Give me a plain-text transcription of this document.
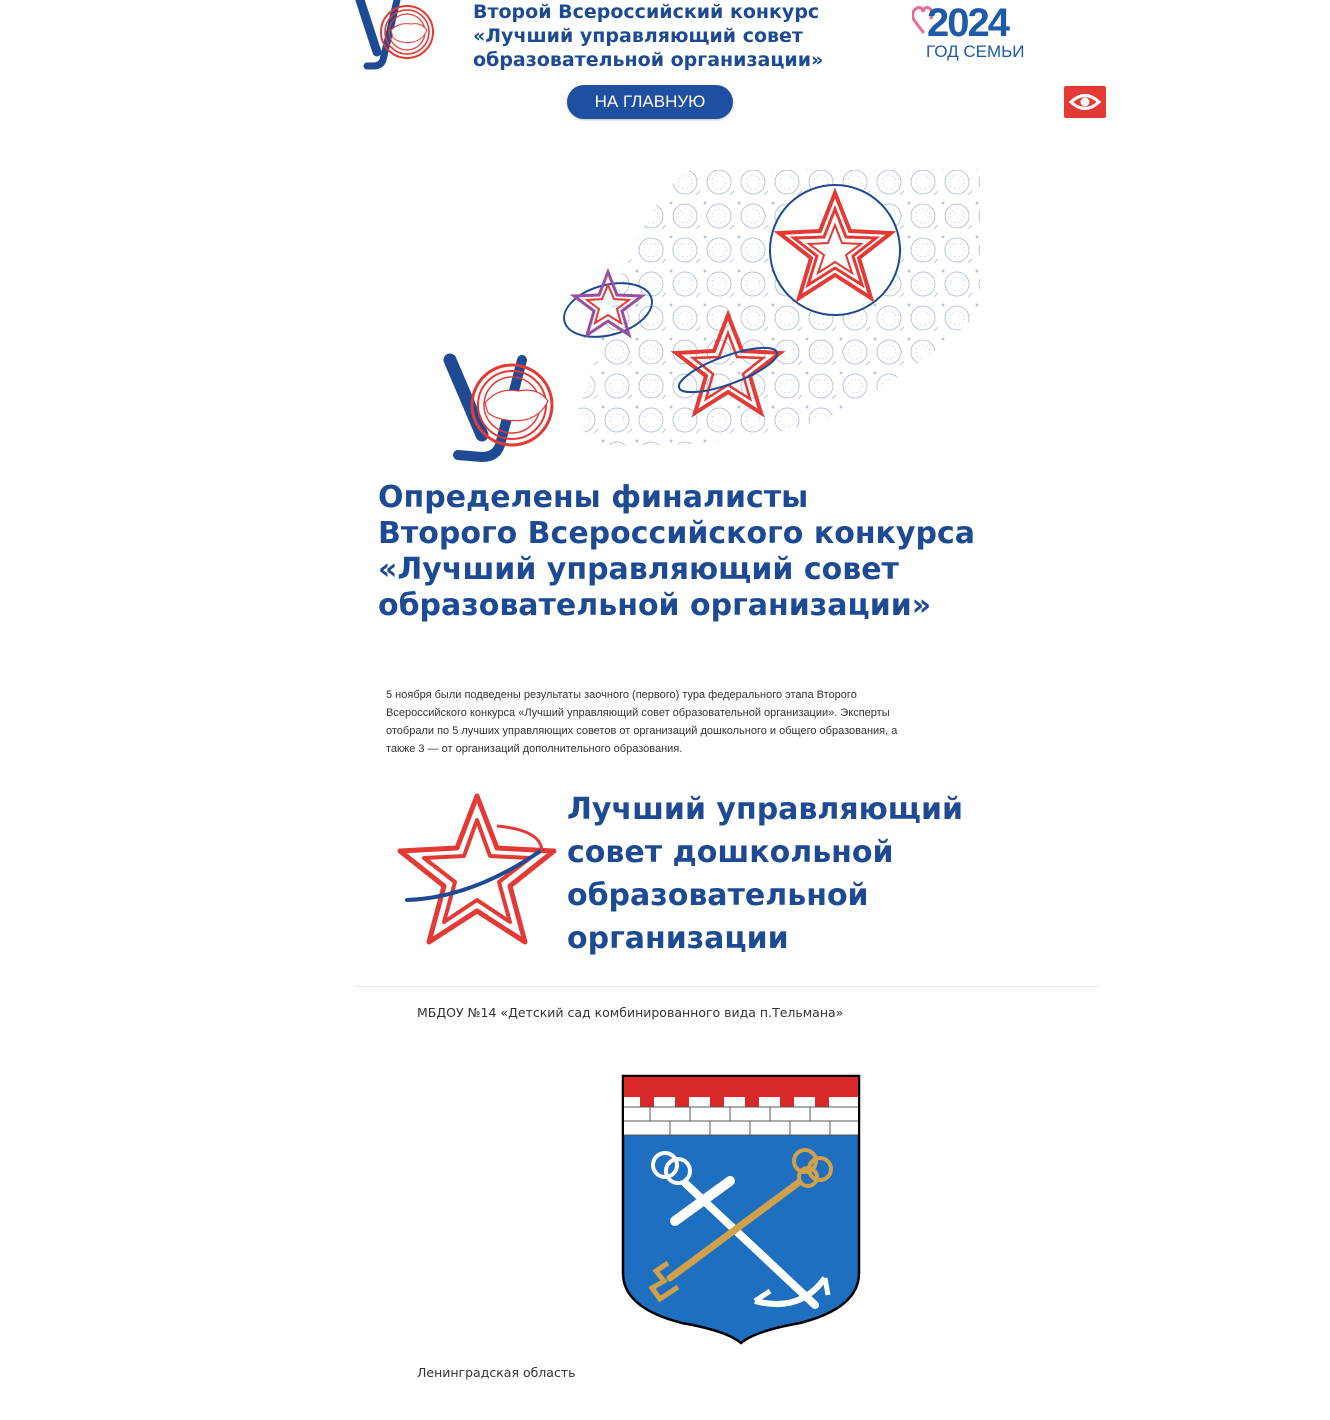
Второй Всероссийский конкурс
«Лучший управляющий совет
образовательной организации»
2024
ГОД СЕМЬИ
НА ГЛАВНУЮ
Определены финалисты
Второго Всероссийского конкурса
«Лучший управляющий совет
образовательной организации»
5 ноября были подведены результаты заочного (первого) тура федерального этапа Второго
Всероссийского конкурса «Лучший управляющий совет образовательной организации». Эксперты
отобрали по 5 лучших управляющих советов от организаций дошкольного и общего образования, а
также 3 — от организаций дополнительного образования.
Лучший управляющий
совет дошкольной
образовательной
организации
МБДОУ №14 «Детский сад комбинированного вида п.Тельмана»
Ленинградская область
